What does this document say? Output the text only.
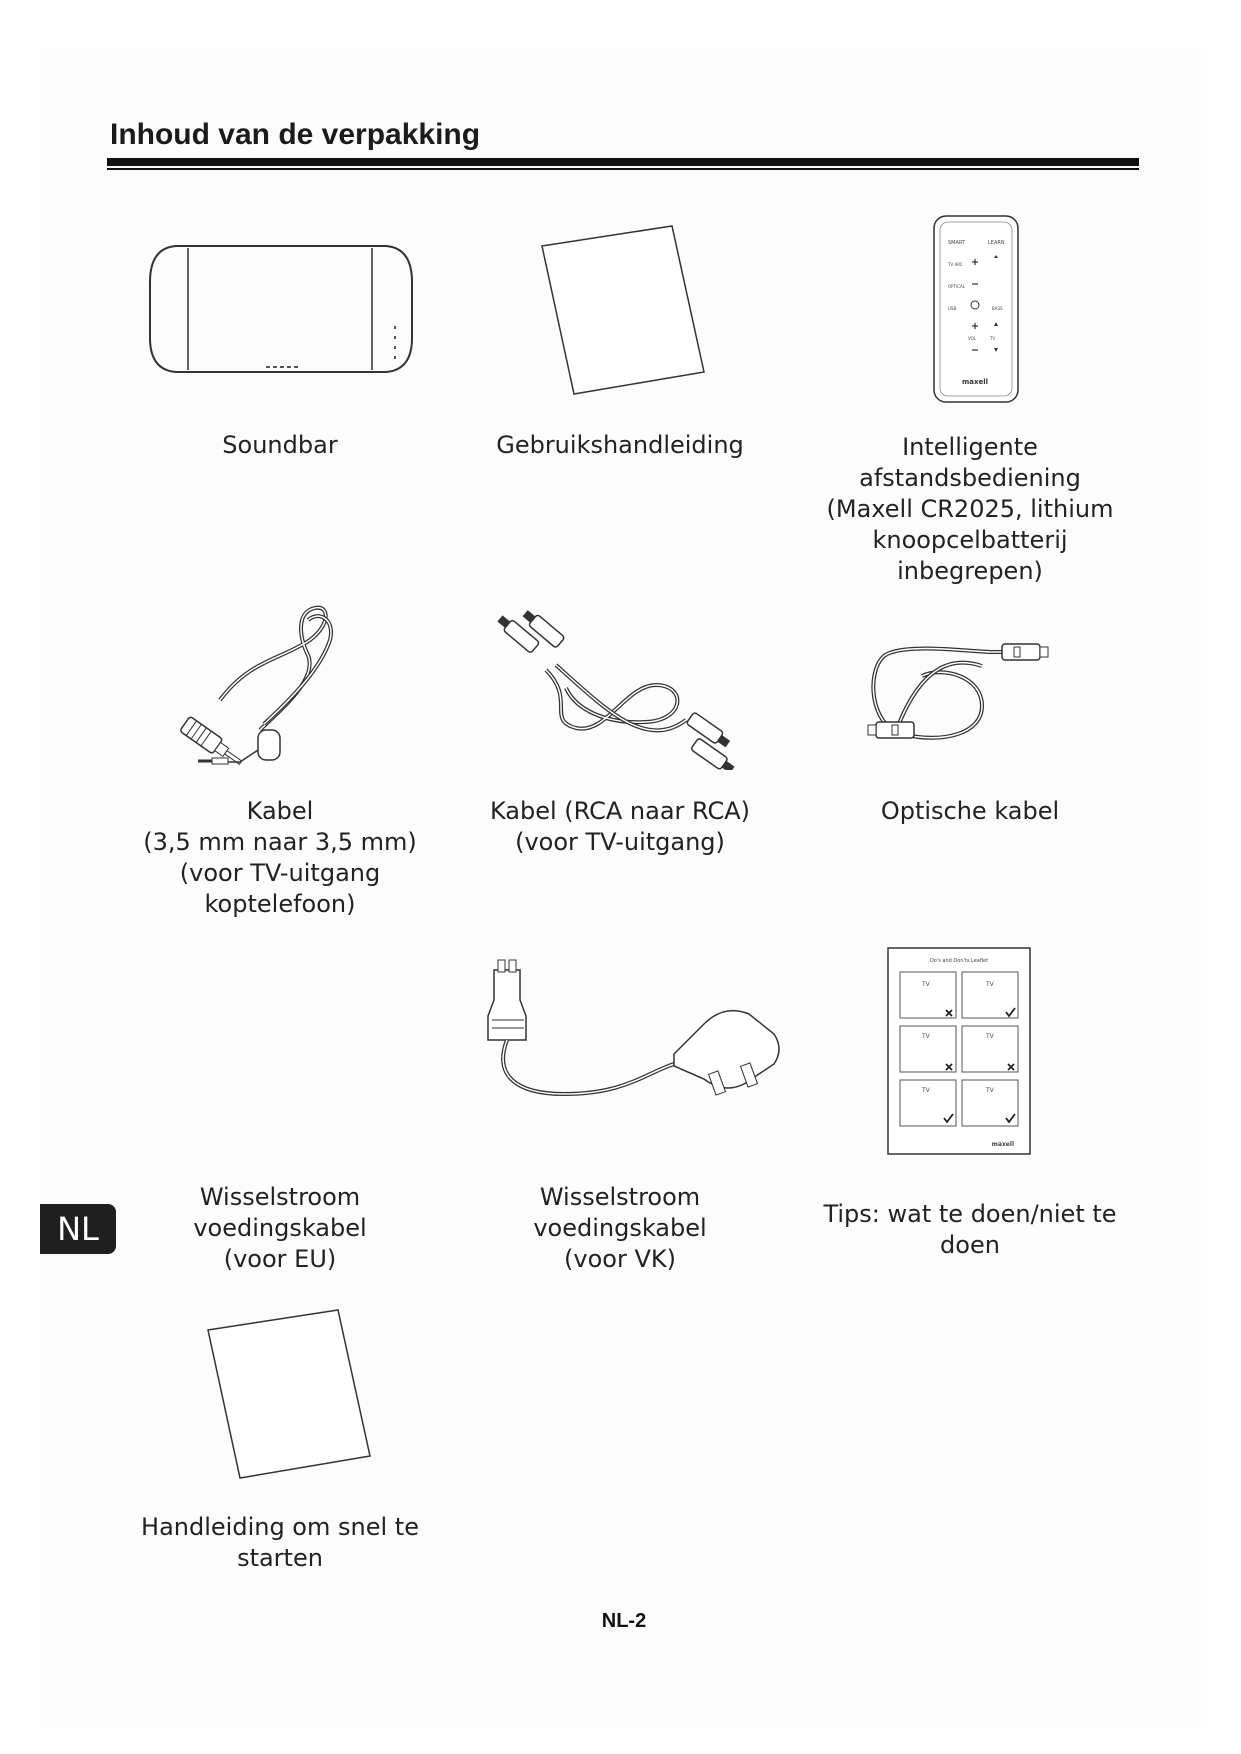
Inhoud van de verpakking
Soundbar	Gebruikshandleiding
SMART	LEARN
TV ARC
OPTICAL
USB	BASS
VOL	TV
maxell
Intelligente
afstandsbediening
(Maxell CR2025, lithium
knoopcelbatterij
inbegrepen)
Kabel
(3,5 mm naar 3,5 mm)
(voor TV-uitgang
koptelefoon)
Kabel (RCA naar RCA)
(voor TV-uitgang)
Optische kabel
Wisselstroom
voedingskabel
(voor EU)
Wisselstroom
voedingskabel
(voor VK)
Do's and Don'ts Leaflet
TV	TV
TV	TV
TV	TV
maxell
Tips: wat te doen/niet te
doen
Handleiding om snel te
starten
NL
NL-2
